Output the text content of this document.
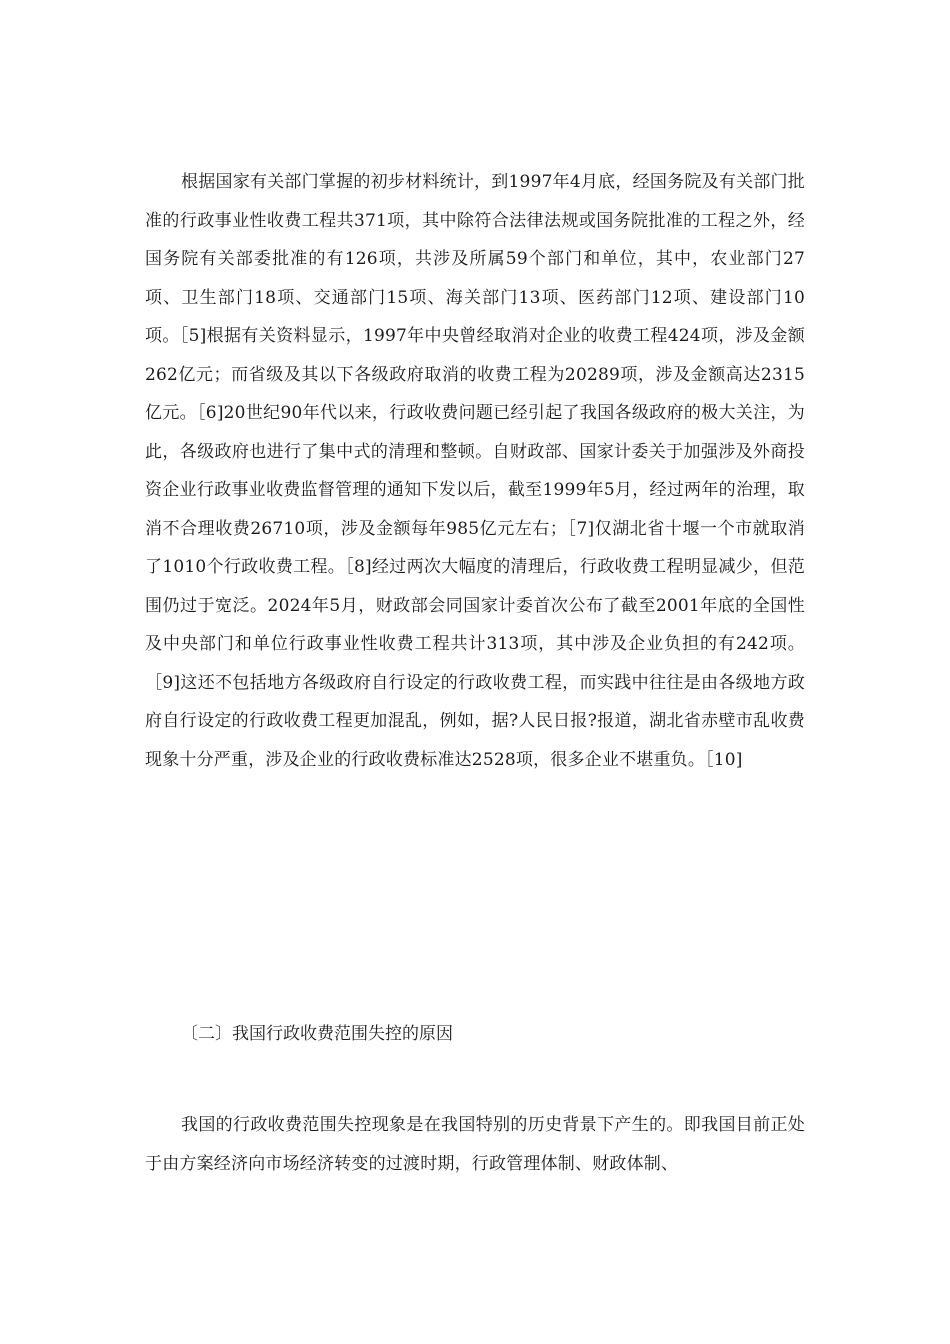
根据国家有关部门掌握的初步材料统计，到1997年4月底，经国务院及有关部门批准的行政事业性收费工程共371项，其中除符合法律法规或国务院批准的工程之外，经国务院有关部委批准的有126项，共涉及所属59个部门和单位，其中，农业部门27项、卫生部门18项、交通部门15项、海关部门13项、医药部门12项、建设部门10项。［5]根据有关资料显示，1997年中央曾经取消对企业的收费工程424项，涉及金额262亿元；而省级及其以下各级政府取消的收费工程为20289项，涉及金额高达2315亿元。［6]20世纪90年代以来，行政收费问题已经引起了我国各级政府的极大关注，为此，各级政府也进行了集中式的清理和整顿。自财政部、国家计委关于加强涉及外商投资企业行政事业收费监督管理的通知下发以后，截至1999年5月，经过两年的治理，取消不合理收费26710项，涉及金额每年985亿元左右；［7]仅湖北省十堰一个市就取消了1010个行政收费工程。［8]经过两次大幅度的清理后，行政收费工程明显减少，但范围仍过于宽泛。2024年5月，财政部会同国家计委首次公布了截至2001年底的全国性及中央部门和单位行政事业性收费工程共计313项，其中涉及企业负担的有242项。［9]这还不包括地方各级政府自行设定的行政收费工程，而实践中往往是由各级地方政府自行设定的行政收费工程更加混乱，例如，据?人民日报?报道，湖北省赤壁市乱收费现象十分严重，涉及企业的行政收费标准达2528项，很多企业不堪重负。［10]

〔二〕我国行政收费范围失控的原因

我国的行政收费范围失控现象是在我国特别的历史背景下产生的。即我国目前正处于由方案经济向市场经济转变的过渡时期，行政管理体制、财政体制、
